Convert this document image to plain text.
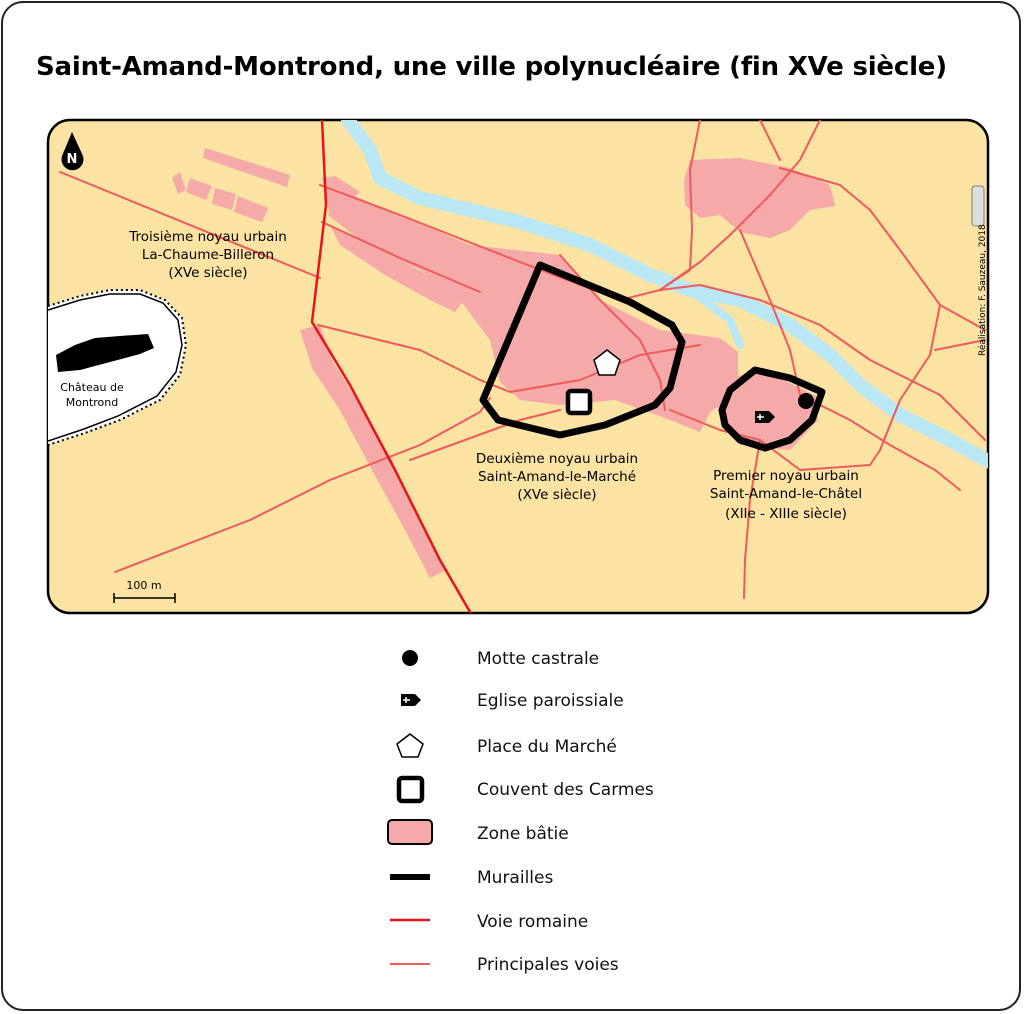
Saint-Amand-Montrond, une ville polynucléaire (fin XVe siècle)
N
100 m
Réalisation: F. Sauzeau, 2018
Troisième noyau urbain
La-Chaume-Billeron
(XVe siècle)
Château de
Montrond
Deuxième noyau urbain
Saint-Amand-le-Marché
(XVe siècle)
Premier noyau urbain
Saint-Amand-le-Châtel
(XIIe - XIIIe siècle)
Motte castrale
Eglise paroissiale
Place du Marché
Couvent des Carmes
Zone bâtie
Murailles
Voie romaine
Principales voies
